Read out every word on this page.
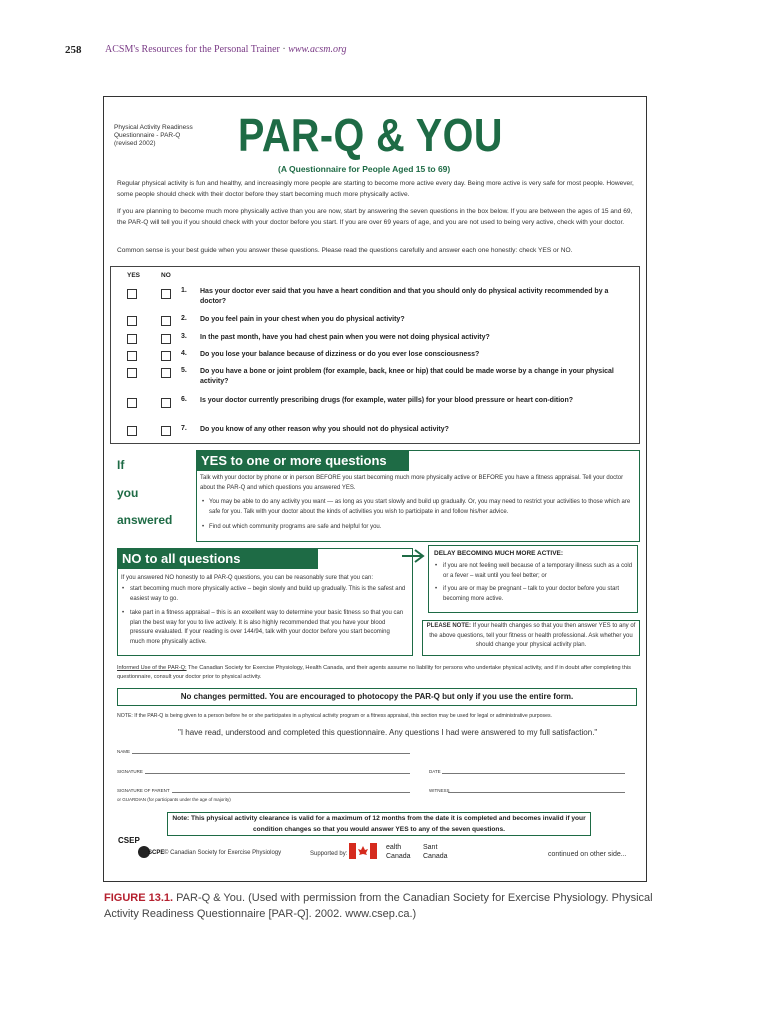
258 ACSM's Resources for the Personal Trainer · www.acsm.org
Physical Activity Readiness
Questionnaire - PAR-Q
(revised 2002)	PAR-Q & YOU
(A Questionnaire for People Aged 15 to 69)
Regular physical activity is fun and healthy, and increasingly more people are starting to become more active every day. Being more active is very safe for most people. However, some people should check with their doctor before they start becoming much more physically active.
If you are planning to become much more physically active than you are now, start by answering the seven questions in the box below. If you are between the ages of 15 and 69, the PAR-Q will tell you if you should check with your doctor before you start. If you are over 69 years of age, and you are not used to being very active, check with your doctor.
Common sense is your best guide when you answer these questions. Please read the questions carefully and answer each one honestly: check YES or NO.
YES	NO
1. Has your doctor ever said that you have a heart condition and that you should only do physical activity recommended by a doctor?
2. Do you feel pain in your chest when you do physical activity?
3. In the past month, have you had chest pain when you were not doing physical activity?
4. Do you lose your balance because of dizziness or do you ever lose consciousness?
5. Do you have a bone or joint problem (for example, back, knee or hip) that could be made worse by a change in your physical activity?
6. Is your doctor currently prescribing drugs (for example, water pills) for your blood pressure or heart con-dition?
7. Do you know of any other reason why you should not do physical activity?
If
you
answered
YES to one or more questions
Talk with your doctor by phone or in person BEFORE you start becoming much more physically active or BEFORE you have a fitness appraisal. Tell your doctor about the PAR-Q and which questions you answered YES.
• You may be able to do any activity you want — as long as you start slowly and build up gradually. Or, you may need to restrict your activities to those which are safe for you. Talk with your doctor about the kinds of activities you wish to participate in and follow his/her advice.
• Find out which community programs are safe and helpful for you.
NO to all questions
If you answered NO honestly to all PAR-Q questions, you can be reasonably sure that you can:
• start becoming much more physically active – begin slowly and build up gradually. This is the safest and easiest way to go.
• take part in a fitness appraisal – this is an excellent way to determine your basic fitness so that you can plan the best way for you to live actively. It is also highly recommended that you have your blood pressure evaluated. If your reading is over 144/94, talk with your doctor before you start becoming much more physically active.
DELAY BECOMING MUCH MORE ACTIVE:
• if you are not feeling well because of a temporary illness such as a cold or a fever – wait until you feel better; or
• if you are or may be pregnant – talk to your doctor before you start becoming more active.
PLEASE NOTE: If your health changes so that you then answer YES to any of the above questions, tell your fitness or health professional. Ask whether you should change your physical activity plan.
Informed Use of the PAR-Q: The Canadian Society for Exercise Physiology, Health Canada, and their agents assume no liability for persons who undertake physical activity, and if in doubt after completing this questionnaire, consult your doctor prior to physical activity.
No changes permitted. You are encouraged to photocopy the PAR-Q but only if you use the entire form.
NOTE: If the PAR-Q is being given to a person before he or she participates in a physical activity program or a fitness appraisal, this section may be used for legal or administrative purposes.
"I have read, understood and completed this questionnaire. Any questions I had were answered to my full satisfaction."
NAME
SIGNATURE	DATE
SIGNATURE OF PARENT
or GUARDIAN (for participants under the age of majority)
WITNESS
Note: This physical activity clearance is valid for a maximum of 12 months from the date it is completed and becomes invalid if your condition changes so that you would answer YES to any of the seven questions.
CSEP
SCPE © Canadian Society for Exercise Physiology	Supported by:
ealth Canada
Sant Canada	continued on other side...
FIGURE 13.1. PAR-Q & You. (Used with permission from the Canadian Society for Exercise Physiology. Physical Activity Readiness Questionnaire [PAR-Q]. 2002. www.csep.ca.)
